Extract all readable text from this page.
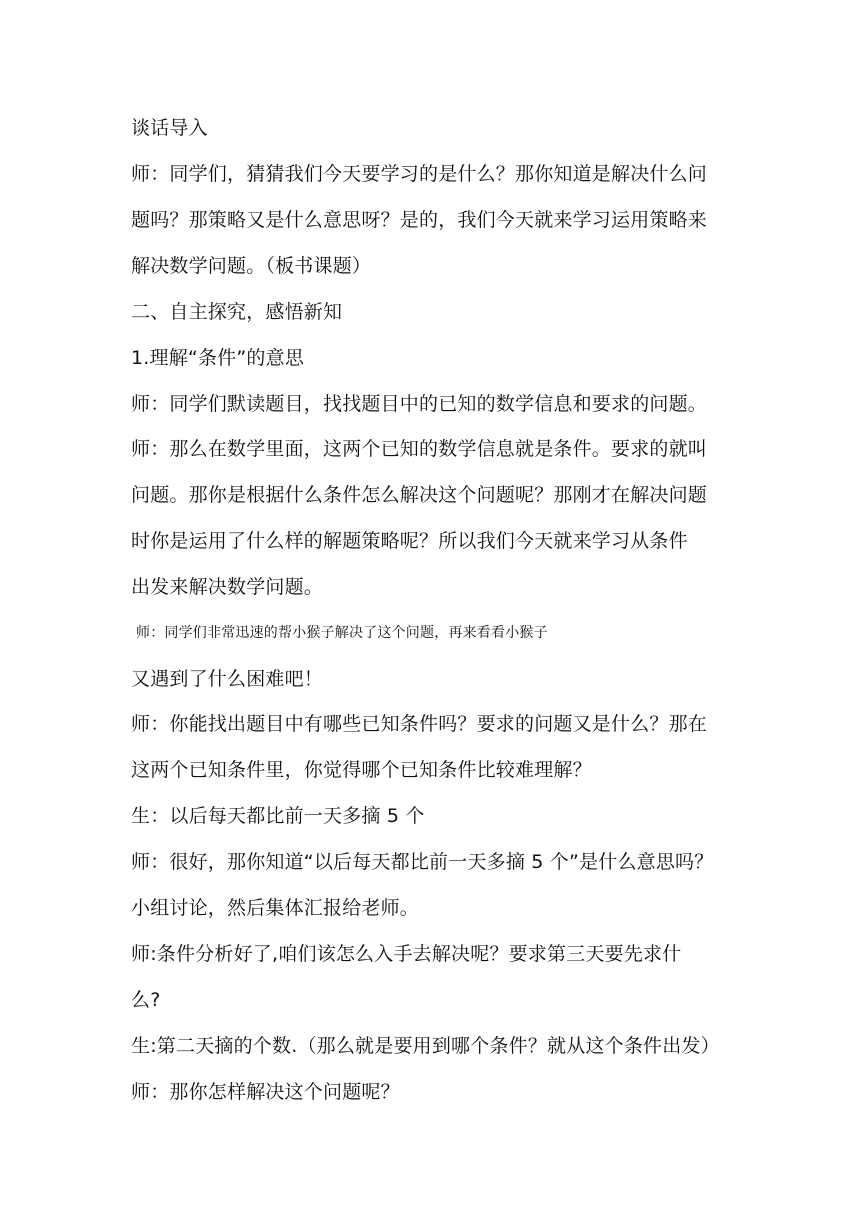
谈话导入
师：同学们，猜猜我们今天要学习的是什么？那你知道是解决什么问
题吗？那策略又是什么意思呀？是的，我们今天就来学习运用策略来
解决数学问题。（板书课题）
二、自主探究，感悟新知
1.理解“条件”的意思
师：同学们默读题目，找找题目中的已知的数学信息和要求的问题。
师：那么在数学里面，这两个已知的数学信息就是条件。要求的就叫
问题。那你是根据什么条件怎么解决这个问题呢？那刚才在解决问题
时你是运用了什么样的解题策略呢？所以我们今天就来学习从条件
出发来解决数学问题。
师：同学们非常迅速的帮小猴子解决了这个问题，再来看看小猴子
又遇到了什么困难吧！
师：你能找出题目中有哪些已知条件吗？要求的问题又是什么？那在
这两个已知条件里，你觉得哪个已知条件比较难理解？
生：以后每天都比前一天多摘 5 个
师：很好，那你知道“以后每天都比前一天多摘 5 个”是什么意思吗？
小组讨论，然后集体汇报给老师。
师:条件分析好了,咱们该怎么入手去解决呢？要求第三天要先求什
么?
生:第二天摘的个数.（那么就是要用到哪个条件？就从这个条件出发）
师：那你怎样解决这个问题呢？
